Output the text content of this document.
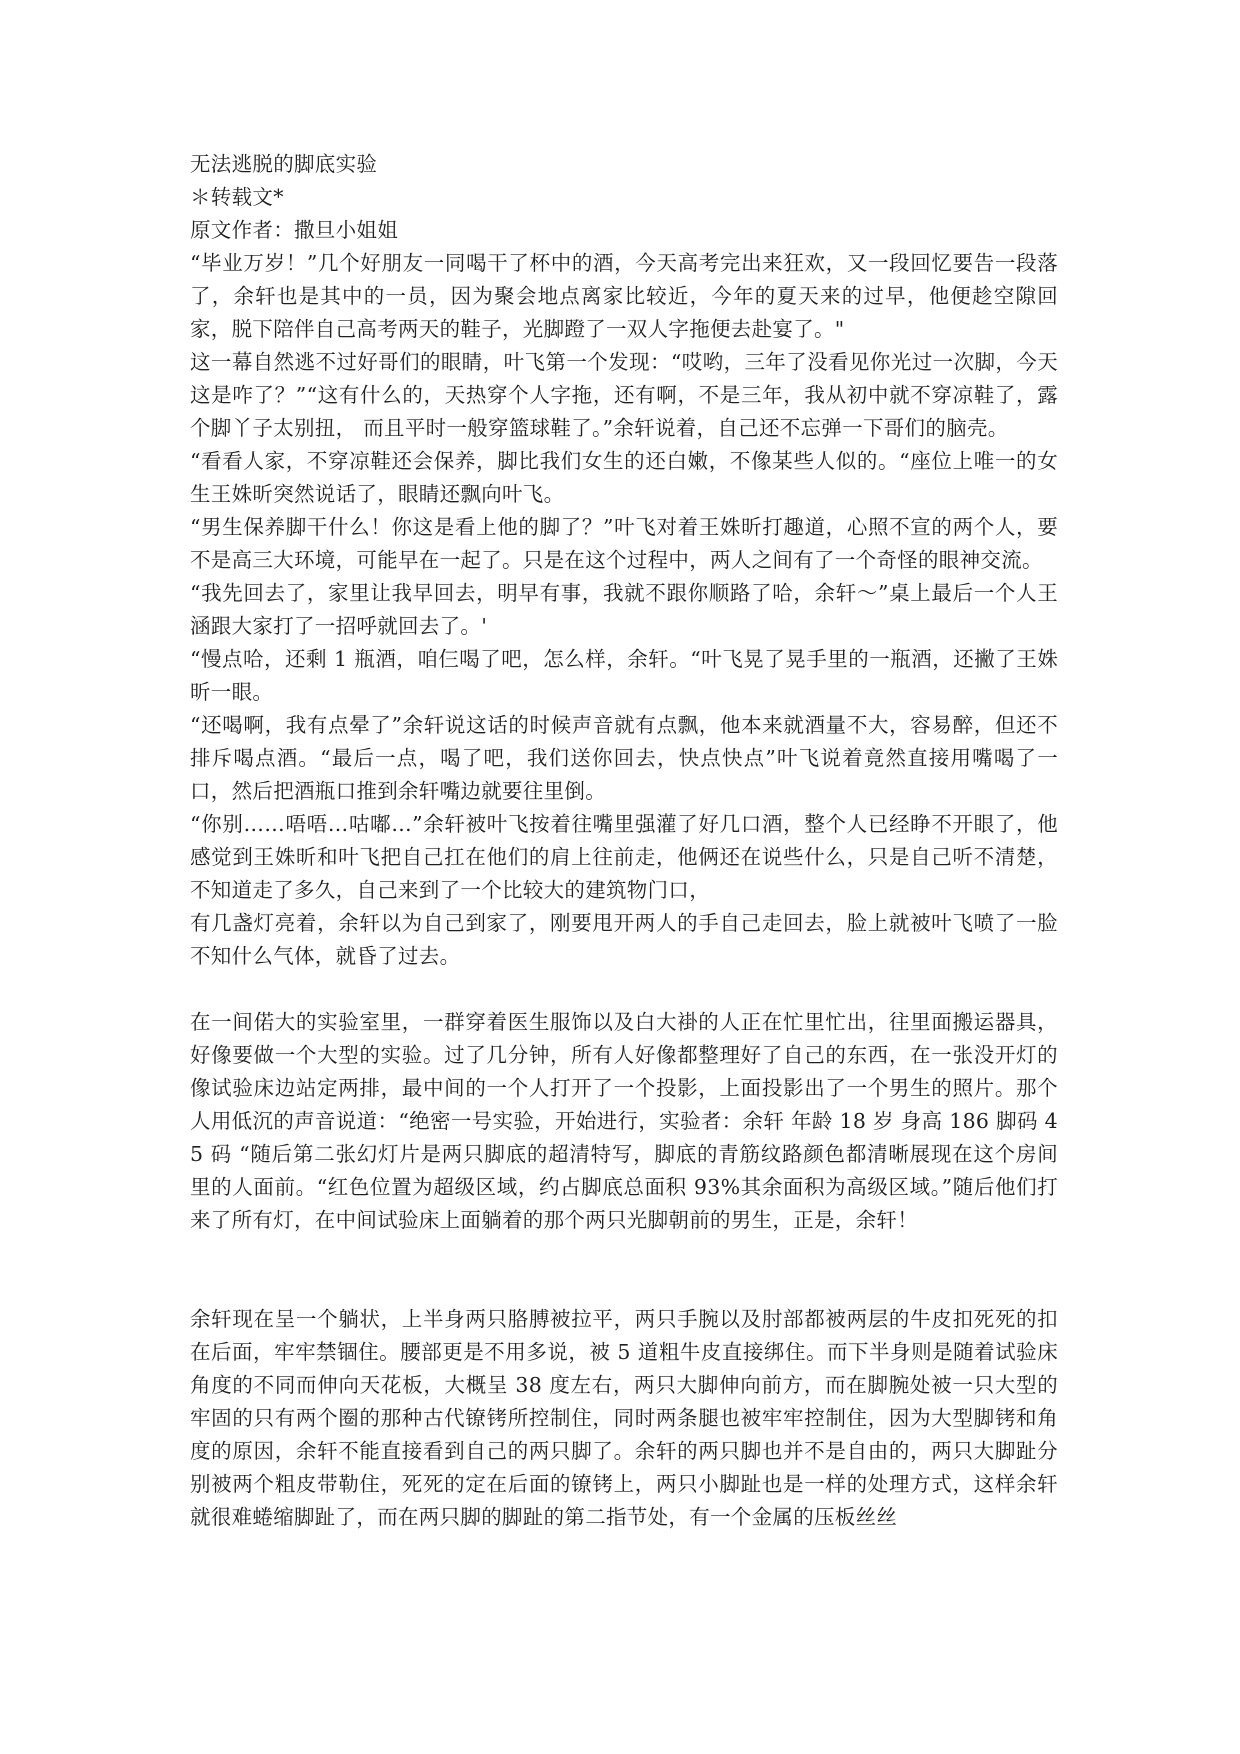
无法逃脱的脚底实验

＊转载文*

原文作者：撒旦小姐姐

“毕业万岁！”几个好朋友一同喝干了杯中的酒，今天高考完出来狂欢，又一段回忆要告一段落了，余轩也是其中的一员，因为聚会地点离家比较近，今年的夏天来的过早，他便趁空隙回家，脱下陪伴自己高考两天的鞋子，光脚蹬了一双人字拖便去赴宴了。"

这一幕自然逃不过好哥们的眼睛，叶飞第一个发现：“哎哟，三年了没看见你光过一次脚，今天这是咋了？”“这有什么的，天热穿个人字拖，还有啊，不是三年，我从初中就不穿凉鞋了，露个脚丫子太别扭， 而且平时一般穿篮球鞋了。”余轩说着，自己还不忘弹一下哥们的脑壳。

“看看人家，不穿凉鞋还会保养，脚比我们女生的还白嫩，不像某些人似的。“座位上唯一的女生王姝昕突然说话了，眼睛还飘向叶飞。

“男生保养脚干什么！你这是看上他的脚了？”叶飞对着王姝昕打趣道，心照不宣的两个人，要不是高三大环境，可能早在一起了。只是在这个过程中，两人之间有了一个奇怪的眼神交流。

“我先回去了，家里让我早回去，明早有事，我就不跟你顺路了哈，余轩～”桌上最后一个人王涵跟大家打了一招呼就回去了。'

“慢点哈，还剩 1 瓶酒，咱仨喝了吧，怎么样，余轩。“叶飞晃了晃手里的一瓶酒，还撇了王姝昕一眼。

“还喝啊，我有点晕了”余轩说这话的时候声音就有点飘，他本来就酒量不大，容易醉，但还不排斥喝点酒。“最后一点，喝了吧，我们送你回去，快点快点”叶飞说着竟然直接用嘴喝了一口，然后把酒瓶口推到余轩嘴边就要往里倒。

“你别……唔唔…咕嘟…”余轩被叶飞按着往嘴里强灌了好几口酒，整个人已经睁不开眼了，他感觉到王姝昕和叶飞把自己扛在他们的肩上往前走，他俩还在说些什么，只是自己听不清楚，不知道走了多久，自己来到了一个比较大的建筑物门口，

有几盏灯亮着，余轩以为自己到家了，刚要甩开两人的手自己走回去，脸上就被叶飞喷了一脸不知什么气体，就昏了过去。

在一间偌大的实验室里，一群穿着医生服饰以及白大褂的人正在忙里忙出，往里面搬运器具，好像要做一个大型的实验。过了几分钟，所有人好像都整理好了自己的东西，在一张没开灯的像试验床边站定两排，最中间的一个人打开了一个投影，上面投影出了一个男生的照片。那个人用低沉的声音说道：“绝密一号实验，开始进行，实验者：余轩 年龄 18 岁 身高 186 脚码 45 码 “随后第二张幻灯片是两只脚底的超清特写，脚底的青筋纹路颜色都清晰展现在这个房间里的人面前。“红色位置为超级区域，约占脚底总面积 93%其余面积为高级区域。”随后他们打来了所有灯，在中间试验床上面躺着的那个两只光脚朝前的男生，正是，余轩！

余轩现在呈一个躺状，上半身两只胳膊被拉平，两只手腕以及肘部都被两层的牛皮扣死死的扣在后面，牢牢禁锢住。腰部更是不用多说，被 5 道粗牛皮直接绑住。而下半身则是随着试验床角度的不同而伸向天花板，大概呈 38 度左右，两只大脚伸向前方，而在脚腕处被一只大型的牢固的只有两个圈的那种古代镣铐所控制住，同时两条腿也被牢牢控制住，因为大型脚铐和角度的原因，余轩不能直接看到自己的两只脚了。余轩的两只脚也并不是自由的，两只大脚趾分别被两个粗皮带勒住，死死的定在后面的镣铐上，两只小脚趾也是一样的处理方式，这样余轩就很难蜷缩脚趾了，而在两只脚的脚趾的第二指节处，有一个金属的压板丝丝
